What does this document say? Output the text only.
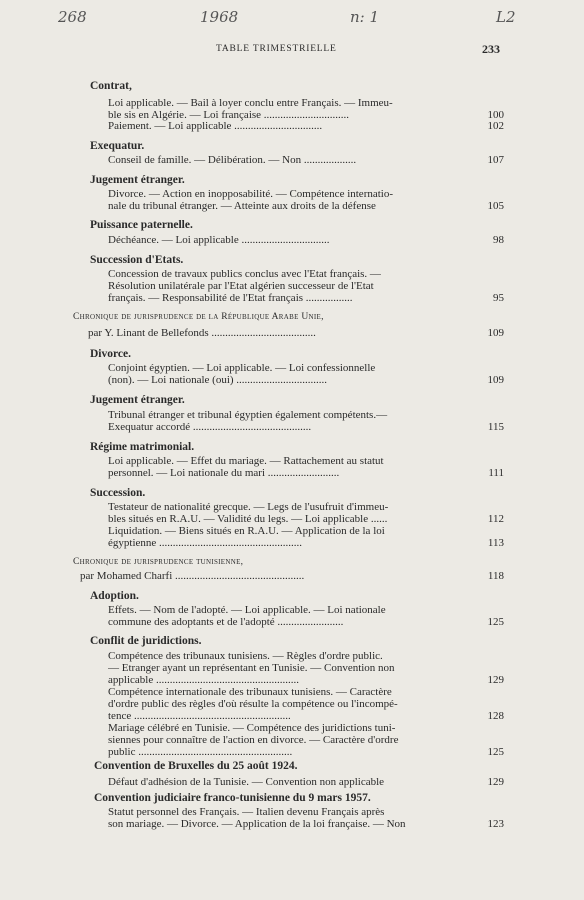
268	1968	n: 1	L2
TABLE TRIMESTRIELLE	233
Contrat,
Loi applicable. — Bail à loyer conclu entre Français. — Immeu-
ble sis en Algérie. — Loi française ...............................	100
Paiement. — Loi applicable ................................	102
Exequatur.
Conseil de famille. — Délibération. — Non ...................	107
Jugement étranger.
Divorce. — Action en inopposabilité. — Compétence internatio-
nale du tribunal étranger. — Atteinte aux droits de la défense	105
Puissance paternelle.
Déchéance. — Loi applicable ................................	98
Succession d'Etats.
Concession de travaux publics conclus avec l'Etat français. —
Résolution unilatérale par l'Etat algérien successeur de l'Etat
français. — Responsabilité de l'Etat français .................	95
Chronique de jurisprudence de la République Arabe Unie,
par Y. Linant de Bellefonds ......................................	109
Divorce.
Conjoint égyptien. — Loi applicable. — Loi confessionnelle
(non). — Loi nationale (oui) .................................	109
Jugement étranger.
Tribunal étranger et tribunal égyptien également compétents.—
Exequatur accordé ...........................................	115
Régime matrimonial.
Loi applicable. — Effet du mariage. — Rattachement au statut
personnel. — Loi nationale du mari ..........................	111
Succession.
Testateur de nationalité grecque. — Legs de l'usufruit d'immeu-
bles situés en R.A.U. — Validité du legs. — Loi applicable ......	112
Liquidation. — Biens situés en R.A.U. — Application de la loi
égyptienne ....................................................	113
Chronique de jurisprudence tunisienne,
par Mohamed Charfi ...............................................	118
Adoption.
Effets. — Nom de l'adopté. — Loi applicable. — Loi nationale
commune des adoptants et de l'adopté ........................	125
Conflit de juridictions.
Compétence des tribunaux tunisiens. — Règles d'ordre public.
— Etranger ayant un représentant en Tunisie. — Convention non
applicable ....................................................	129
Compétence internationale des tribunaux tunisiens. — Caractère
d'ordre public des règles d'où résulte la compétence ou l'incompé-
tence .........................................................	128
Mariage célébré en Tunisie. — Compétence des juridictions tuni-
siennes pour connaître de l'action en divorce. — Caractère d'ordre
public ........................................................	125
Convention de Bruxelles du 25 août 1924.
Défaut d'adhésion de la Tunisie. — Convention non applicable	129
Convention judiciaire franco-tunisienne du 9 mars 1957.
Statut personnel des Français. — Italien devenu Français après
son mariage. — Divorce. — Application de la loi française. — Non	123
